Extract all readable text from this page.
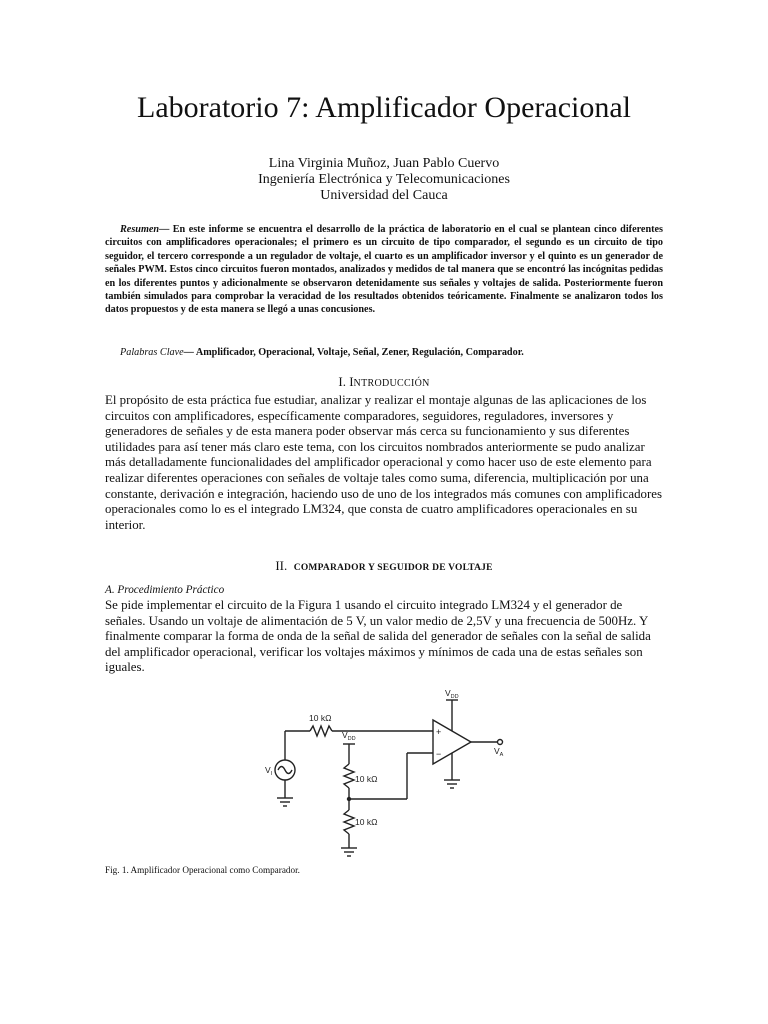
Laboratorio 7: Amplificador Operacional
Lina Virginia Muñoz, Juan Pablo Cuervo
Ingeniería Electrónica y Telecomunicaciones
Universidad del Cauca
Resumen— En este informe se encuentra el desarrollo de la práctica de laboratorio en el cual se plantean cinco diferentes circuitos con amplificadores operacionales; el primero es un circuito de tipo comparador, el segundo es un circuito de tipo seguidor, el tercero corresponde a un regulador de voltaje, el cuarto es un amplificador inversor y el quinto es un generador de señales PWM. Estos cinco circuitos fueron montados, analizados y medidos de tal manera que se encontró las incógnitas pedidas en los diferentes puntos y adicionalmente se observaron detenidamente sus señales y voltajes de salida. Posteriormente fueron también simulados para comprobar la veracidad de los resultados obtenidos teóricamente. Finalmente se analizaron todos los datos propuestos y de esta manera se llegó a unas concusiones.
Palabras Clave— Amplificador, Operacional, Voltaje, Señal, Zener, Regulación, Comparador.
I. INTRODUCCIÓN
El propósito de esta práctica fue estudiar, analizar y realizar el montaje algunas de las aplicaciones de los circuitos con amplificadores, específicamente comparadores, seguidores, reguladores, inversores y generadores de señales y de esta manera poder observar más cerca su funcionamiento y sus diferentes utilidades para así tener más claro este tema, con los circuitos nombrados anteriormente se pudo analizar más detalladamente funcionalidades del amplificador operacional y como hacer uso de este elemento para realizar diferentes operaciones con señales de voltaje tales como suma, diferencia, multiplicación por una constante, derivación e integración, haciendo uso de uno de los integrados más comunes con amplificadores operacionales como lo es el integrado LM324, que consta de cuatro amplificadores operacionales en su interior.
II. COMPARADOR Y SEGUIDOR DE VOLTAJE
A. Procedimiento Práctico
Se pide implementar el circuito de la Figura 1 usando el circuito integrado LM324 y el generador de señales. Usando un voltaje de alimentación de 5 V, un valor medio de 2,5V y una frecuencia de 500Hz. Y finalmente comparar la forma de onda de la señal de salida del generador de señales con la señal de salida del amplificador operacional, verificar los voltajes máximos y mínimos de cada una de estas señales son iguales.
10 kΩ
$V_{DD}$
$V_{DD}$
10 kΩ
10 kΩ
$V_I$
$V_A$
+
−
Fig. 1. Amplificador Operacional como Comparador.
